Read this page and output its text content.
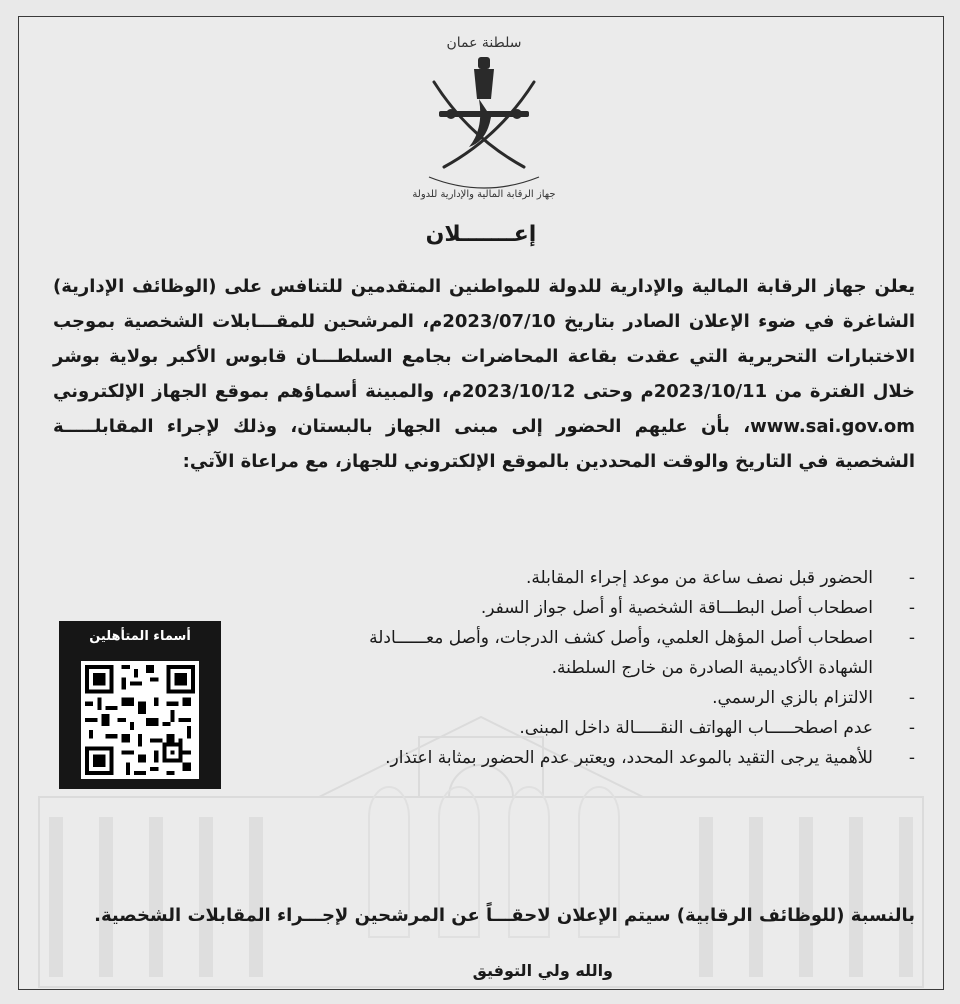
سلطنة عمان
جهاز الرقابة المالية والإدارية للدولة
إعـــــــلان
يعلن جهاز الرقابة المالية والإدارية للدولة للمواطنين المتقدمين للتنافس على (الوظائف الإدارية) الشاغرة في ضوء الإعلان الصادر بتاريخ 2023/07/10م، المرشحين للمقـــابلات الشخصية بموجب الاختبارات التحريرية التي عقدت بقاعة المحاضرات بجامع السلطـــان قابوس الأكبر بولاية بوشر خلال الفترة من 2023/10/11م وحتى 2023/10/12م، والمبينة أسماؤهم بموقع الجهاز الإلكتروني www.sai.gov.om، بأن عليهم الحضور إلى مبنى الجهاز بالبستان، وذلك لإجراء المقابلـــــة الشخصية في التاريخ والوقت المحددين بالموقع الإلكتروني للجهاز، مع مراعاة الآتي:
-
الحضور قبل نصف ساعة من موعد إجراء المقابلة.
-
اصطحاب أصل البطـــاقة الشخصية أو أصل جواز السفر.
-
اصطحاب أصل المؤهل العلمي، وأصل كشف الدرجات، وأصل معــــــادلة الشهادة الأكاديمية الصادرة من خارج السلطنة.
-
الالتزام بالزي الرسمي.
-
عدم اصطحـــــاب الهواتف النقـــــالة داخل المبنى.
-
للأهمية يرجى التقيد بالموعد المحدد، ويعتبر عدم الحضور بمثابة اعتذار.
أسماء المتأهلين
بالنسبة (للوظائف الرقابية) سيتم الإعلان لاحقـــاً عن المرشحين لإجـــراء المقابلات الشخصية.
والله ولي التوفيق
